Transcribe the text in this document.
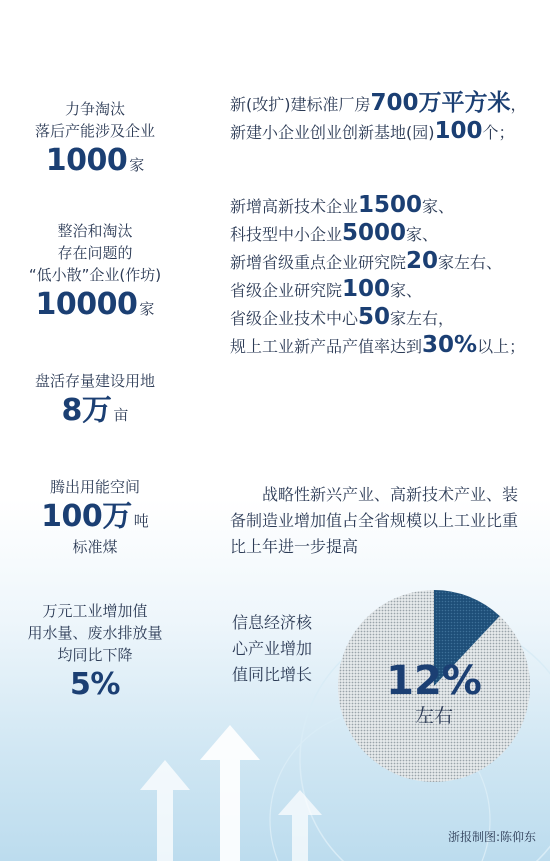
力争淘汰
落后产能涉及企业
1000 家
整治和淘汰
存在问题的
“低小散”企业(作坊)
10000 家
盘活存量建设用地
8万 亩
腾出用能空间
100万 吨
标准煤
万元工业增加值
用水量、废水排放量
均同比下降
5%
新(改扩)建标准厂房700万平方米，
新建小企业创业创新基地(园)100个；
新增高新技术企业1500家、
科技型中小企业5000家、
新增省级重点企业研究院20家左右、
省级企业研究院100家、
省级企业技术中心50家左右，
规上工业新产品产值率达到30%以上；
战略性新兴产业、高新技术产业、装备制造业增加值占全省规模以上工业比重比上年进一步提高
信息经济核
心产业增加
值同比增长	12%
左右
浙报制图:陈仰东
